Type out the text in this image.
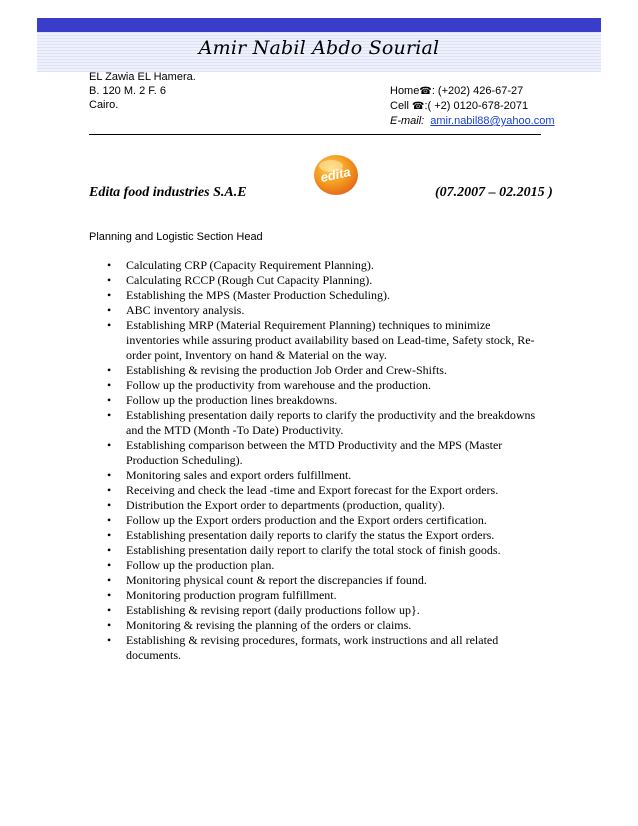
Amir Nabil Abdo Sourial
EL Zawia EL Hamera.
B. 120 M. 2 F. 6
Cairo.
Home☎: (+202) 426-67-27
Cell ☎:( +2) 0120-678-2071
E-mail: amir.nabil88@yahoo.com
edita
Edita food industries S.A.E	(07.2007 – 02.2015 )
Planning and Logistic Section Head
• Calculating CRP (Capacity Requirement Planning).
• Calculating RCCP (Rough Cut Capacity Planning).
• Establishing the MPS (Master Production Scheduling).
• ABC inventory analysis.
• Establishing MRP (Material Requirement Planning) techniques to minimize inventories while assuring product availability based on Lead-time, Safety stock, Re-order point, Inventory on hand & Material on the way.
• Establishing & revising the production Job Order and Crew-Shifts.
• Follow up the productivity from warehouse and the production.
• Follow up the production lines breakdowns.
• Establishing presentation daily reports to clarify the productivity and the breakdowns and the MTD (Month -To Date) Productivity.
• Establishing comparison between the MTD Productivity and the MPS (Master Production Scheduling).
• Monitoring sales and export orders fulfillment.
• Receiving and check the lead -time and Export forecast for the Export orders.
• Distribution the Export order to departments (production, quality).
• Follow up the Export orders production and the Export orders certification.
• Establishing presentation daily reports to clarify the status the Export orders.
• Establishing presentation daily report to clarify the total stock of finish goods.
• Follow up the production plan.
• Monitoring physical count & report the discrepancies if found.
• Monitoring production program fulfillment.
• Establishing & revising report (daily productions follow up}.
• Monitoring & revising the planning of the orders or claims.
• Establishing & revising procedures, formats, work instructions and all related documents.
